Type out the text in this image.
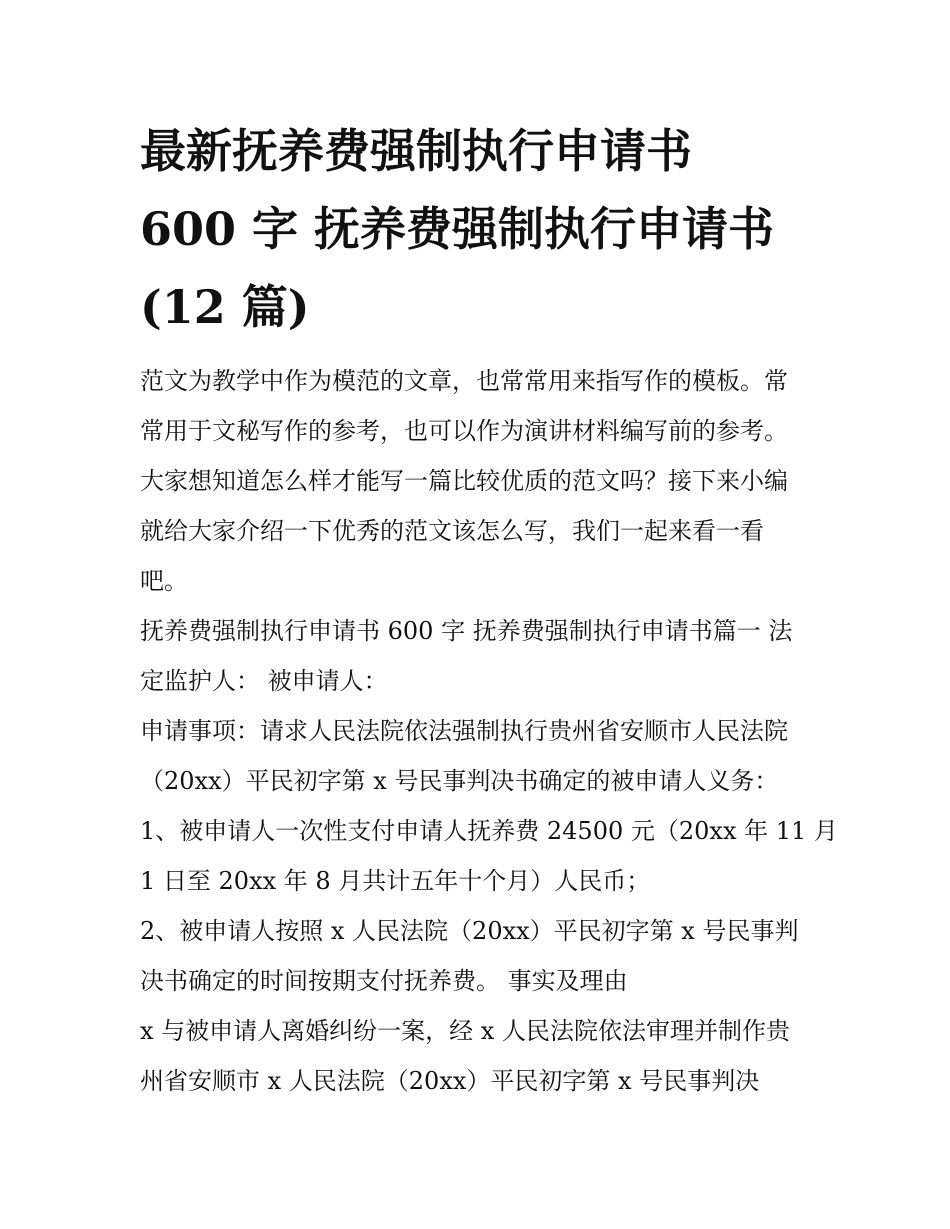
最新抚养费强制执行申请书
600 字 抚养费强制执行申请书
(12 篇)
范文为教学中作为模范的文章，也常常用来指写作的模板。常
常用于文秘写作的参考，也可以作为演讲材料编写前的参考。
大家想知道怎么样才能写一篇比较优质的范文吗？接下来小编
就给大家介绍一下优秀的范文该怎么写，我们一起来看一看
吧。
抚养费强制执行申请书 600 字 抚养费强制执行申请书篇一 法
定监护人： 被申请人：
申请事项：请求人民法院依法强制执行贵州省安顺市人民法院
（20xx）平民初字第 x 号民事判决书确定的被申请人义务：
1、被申请人一次性支付申请人抚养费 24500 元（20xx 年 11 月
1 日至 20xx 年 8 月共计五年十个月）人民币；
2、被申请人按照 x 人民法院（20xx）平民初字第 x 号民事判
决书确定的时间按期支付抚养费。 事实及理由
x 与被申请人离婚纠纷一案，经 x 人民法院依法审理并制作贵
州省安顺市 x 人民法院（20xx）平民初字第 x 号民事判决
